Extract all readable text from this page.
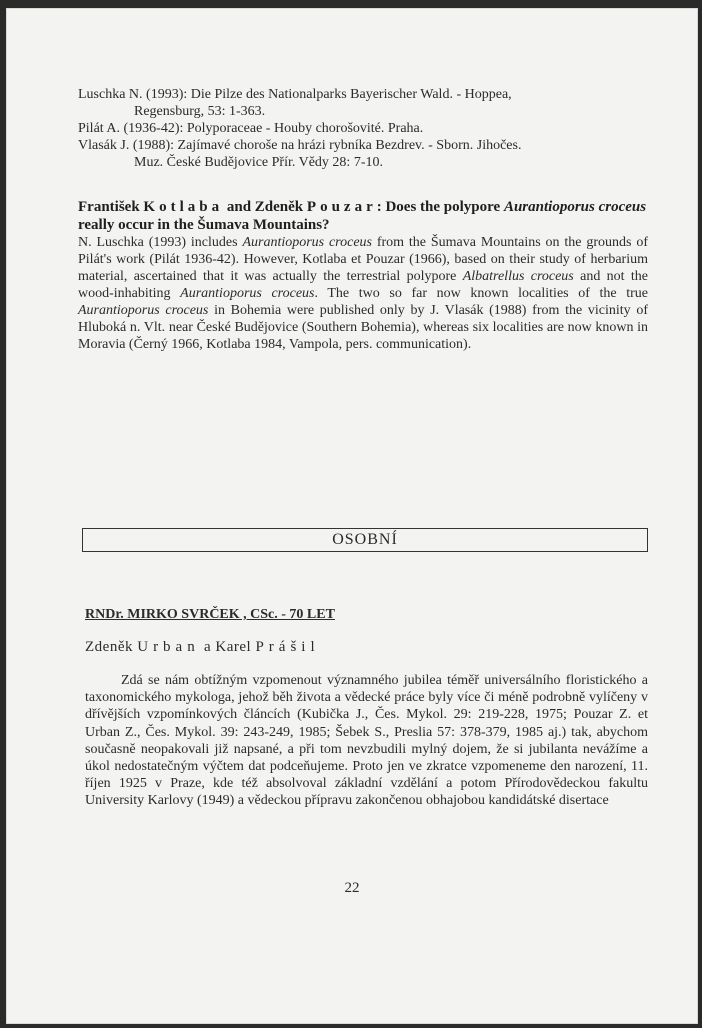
Luschka N. (1993): Die Pilze des Nationalparks Bayerischer Wald. - Hoppea,
Regensburg, 53: 1-363.

Pilát A. (1936-42): Polyporaceae - Houby chorošovité. Praha.

Vlasák J. (1988): Zajímavé choroše na hrázi rybníka Bezdrev. - Sborn. Jihočes.
Muz. České Budějovice Přír. Vědy 28: 7-10.

František Kotlaba and Zdeněk Pouzar: Does the polypore Aurantioporus croceus really occur in the Šumava Mountains?

N. Luschka (1993) includes Aurantioporus croceus from the Šumava Mountains on the grounds of Pilát's work (Pilát 1936-42). However, Kotlaba et Pouzar (1966), based on their study of herbarium material, ascertained that it was actually the terrestrial polypore Albatrellus croceus and not the wood-inhabiting Aurantioporus croceus. The two so far now known localities of the true Aurantioporus croceus in Bohemia were published only by J. Vlasák (1988) from the vicinity of Hluboká n. Vlt. near České Budějovice (Southern Bohemia), whereas six localities are now known in Moravia (Černý 1966, Kotlaba 1984, Vampola, pers. communication).

OSOBNÍ
RNDr. MIRKO SVRČEK , CSc. - 70 LET
Zdeněk Urban a Karel Prášil

Zdá se nám obtížným vzpomenout významného jubilea téměř universálního floristického a taxonomického mykologa, jehož běh života a vědecké práce byly více či méně podrobně vylíčeny v dřívějších vzpomínkových článcích (Kubička J., Čes. Mykol. 29: 219-228, 1975; Pouzar Z. et Urban Z., Čes. Mykol. 39: 243-249, 1985; Šebek S., Preslia 57: 378-379, 1985 aj.) tak, abychom současně neopakovali již napsané, a při tom nevzbudili mylný dojem, že si jubilanta nevážíme a úkol nedostatečným výčtem dat podceňujeme. Proto jen ve zkratce vzpomeneme den narození, 11. říjen 1925 v Praze, kde též absolvoval základní vzdělání a potom Přírodovědeckou fakultu University Karlovy (1949) a vědeckou přípravu zakončenou obhajobou kandidátské disertace

22
